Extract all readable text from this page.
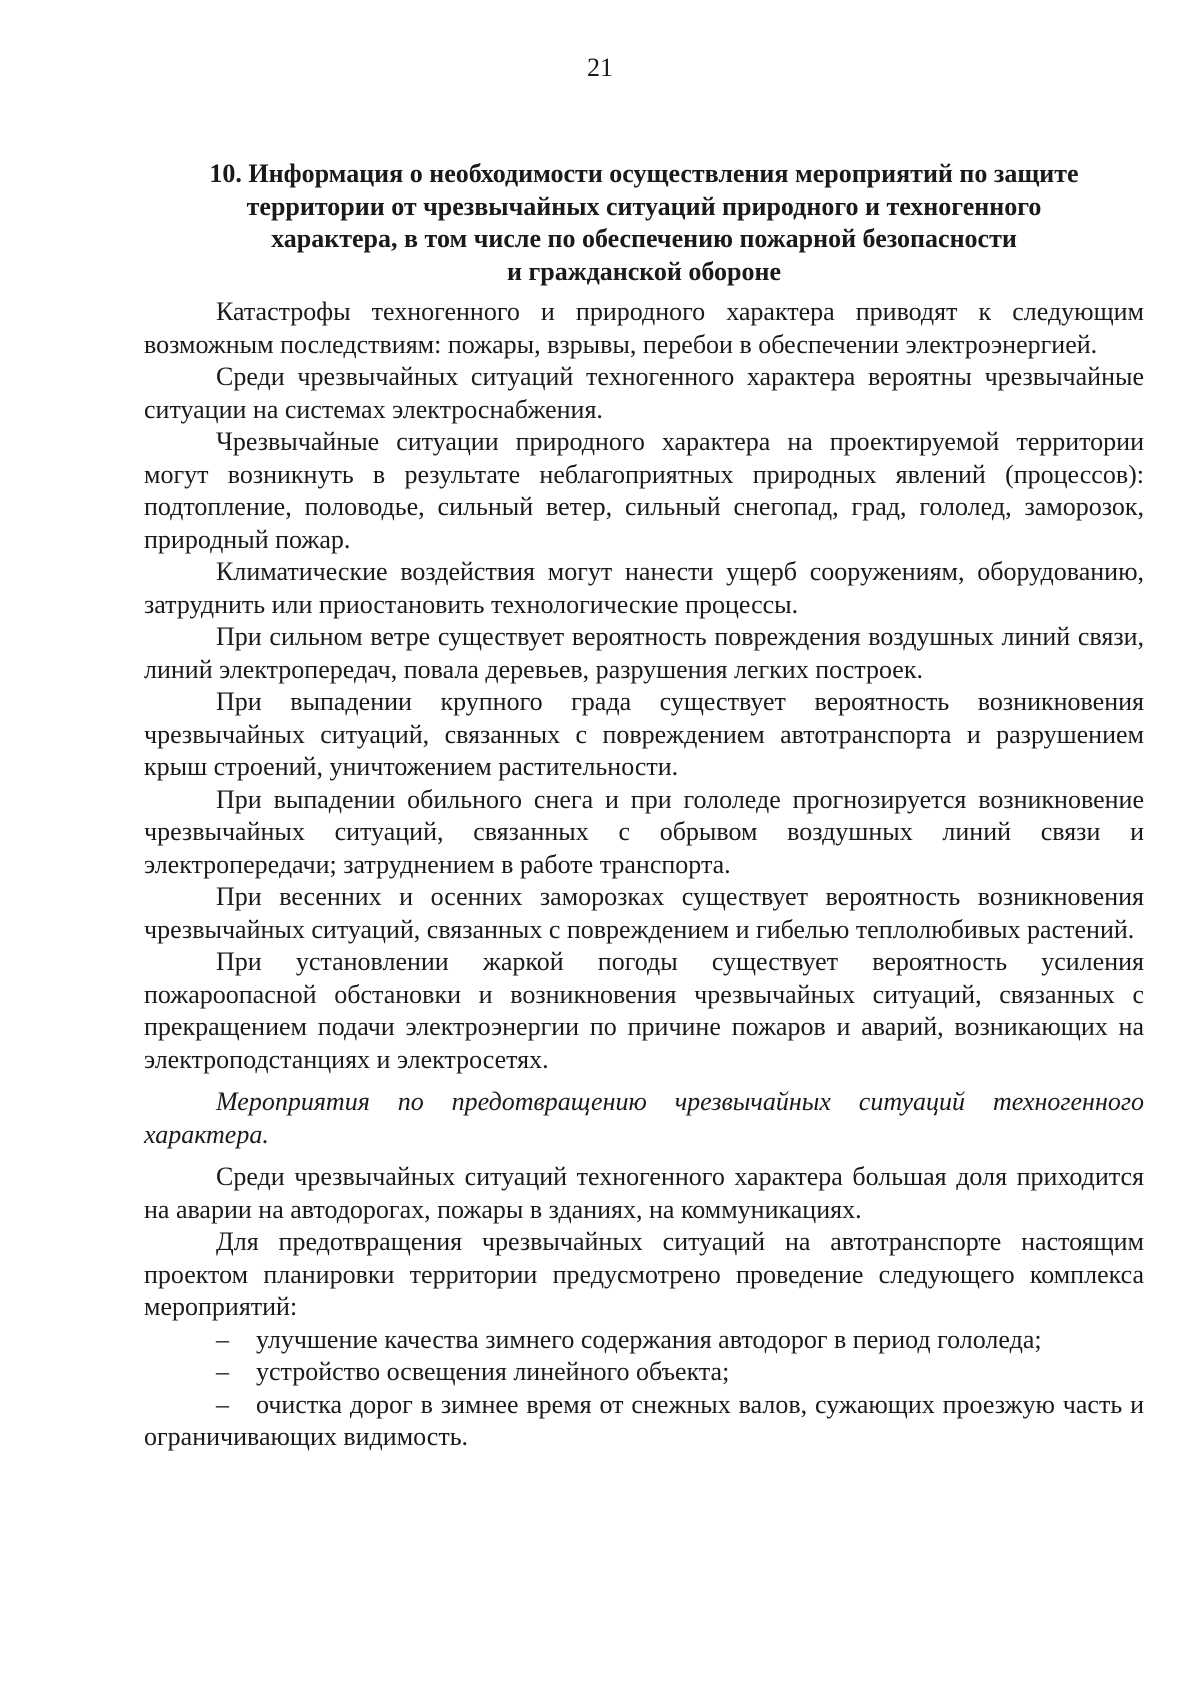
21
10. Информация о необходимости осуществления мероприятий по защите
территории от чрезвычайных ситуаций природного и техногенного
характера, в том числе по обеспечению пожарной безопасности
и гражданской обороне

Катастрофы техногенного и природного характера приводят к следующим возможным последствиям: пожары, взрывы, перебои в обеспечении электроэнергией.

Среди чрезвычайных ситуаций техногенного характера вероятны чрезвычайные ситуации на системах электроснабжения.

Чрезвычайные ситуации природного характера на проектируемой территории могут возникнуть в результате неблагоприятных природных явлений (процессов): подтопление, половодье, сильный ветер, сильный снегопад, град, гололед, заморозок, природный пожар.

Климатические воздействия могут нанести ущерб сооружениям, оборудованию, затруднить или приостановить технологические процессы.

При сильном ветре существует вероятность повреждения воздушных линий связи, линий электропередач, повала деревьев, разрушения легких построек.

При выпадении крупного града существует вероятность возникновения чрезвычайных ситуаций, связанных с повреждением автотранспорта и разрушением крыш строений, уничтожением растительности.

При выпадении обильного снега и при гололеде прогнозируется возникновение чрезвычайных ситуаций, связанных с обрывом воздушных линий связи и электропередачи; затруднением в работе транспорта.

При весенних и осенних заморозках существует вероятность возникновения чрезвычайных ситуаций, связанных с повреждением и гибелью теплолюбивых растений.

При установлении жаркой погоды существует вероятность усиления пожароопасной обстановки и возникновения чрезвычайных ситуаций, связанных с прекращением подачи электроэнергии по причине пожаров и аварий, возникающих на электроподстанциях и электросетях.

Мероприятия по предотвращению чрезвычайных ситуаций техногенного характера.

Среди чрезвычайных ситуаций техногенного характера большая доля приходится на аварии на автодорогах, пожары в зданиях, на коммуникациях.

Для предотвращения чрезвычайных ситуаций на автотранспорте настоящим проектом планировки территории предусмотрено проведение следующего комплекса мероприятий:

– улучшение качества зимнего содержания автодорог в период гололеда;
– устройство освещения линейного объекта;
– очистка дорог в зимнее время от снежных валов, сужающих проезжую часть и ограничивающих видимость.
